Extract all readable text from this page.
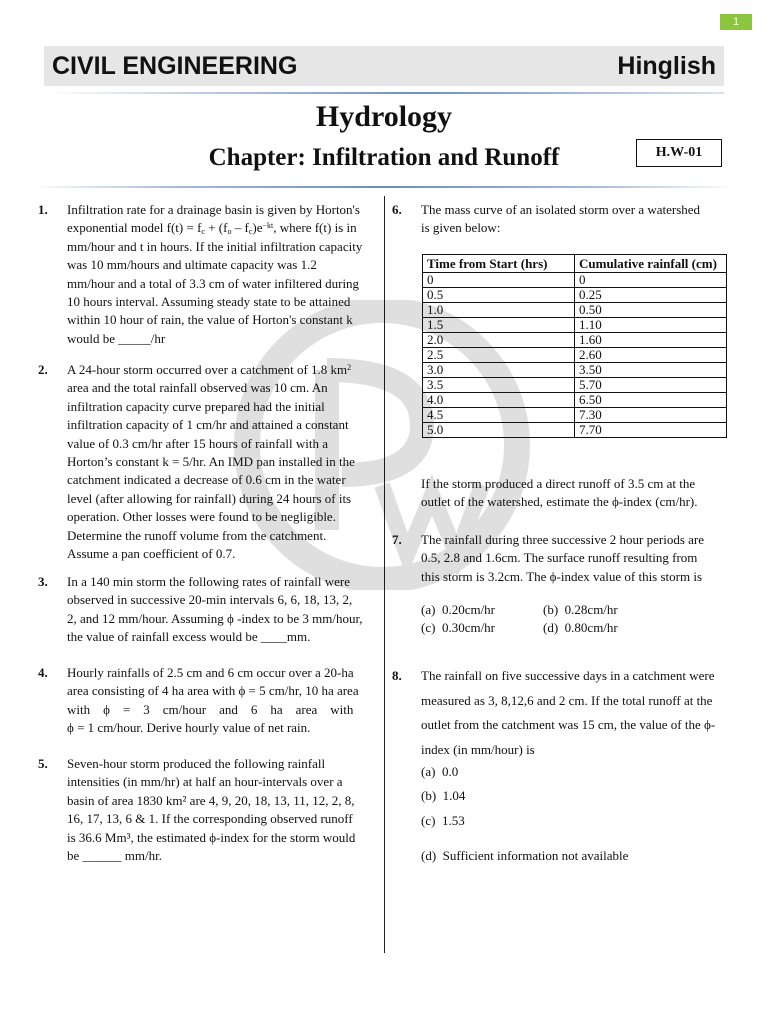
1
CIVIL ENGINEERING	Hinglish
Hydrology
Chapter: Infiltration and Runoff	H.W-01
1. Infiltration rate for a drainage basin is given by Horton's
exponential model $f(t) = f_c + (f_o - f_c)e^{-kt}$, where f(t) is in
mm/hour and t in hours. If the initial infiltration capacity
was 10 mm/hours and ultimate capacity was 1.2
mm/hour and a total of 3.3 cm of water infiltered during
10 hours interval. Assuming steady state to be attained
within 10 hour of rain, the value of Horton's constant k
would be _____/hr
2. A 24-hour storm occurred over a catchment of 1.8 $km^2$
area and the total rainfall observed was 10 cm. An
infiltration capacity curve prepared had the initial
infiltration capacity of 1 cm/hr and attained a constant
value of 0.3 cm/hr after 15 hours of rainfall with a
Horton’s constant k = 5/hr. An IMD pan installed in the
catchment indicated a decrease of 0.6 cm in the water
level (after allowing for rainfall) during 24 hours of its
operation. Other losses were found to be negligible.
Determine the runoff volume from the catchment.
Assume a pan coefficient of 0.7.
3. In a 140 min storm the following rates of rainfall were
observed in successive 20-min intervals 6, 6, 18, 13, 2,
2, and 12 mm/hour. Assuming ϕ -index to be 3 mm/hour,
the value of rainfall excess would be ____mm.
4. Hourly rainfalls of 2.5 cm and 6 cm occur over a 20-ha
area consisting of 4 ha area with ϕ = 5 cm/hr, 10 ha area
with    ϕ    =    3    cm/hour    and    6    ha    area    with
ϕ = 1 cm/hour. Derive hourly value of net rain.
5. Seven-hour storm produced the following rainfall
intensities (in mm/hr) at half an hour-intervals over a
basin of area 1830 km² are 4, 9, 20, 18, 13, 11, 12, 2, 8,
16, 17, 13, 6 & 1. If the corresponding observed runoff
is 36.6 Mm³, the estimated ϕ-index for the storm would
be ______ mm/hr.
6. The mass curve of an isolated storm over a watershed
is given below:
Time from Start (hrs)	Cumulative rainfall (cm)
0	0
0.5	0.25
1.0	0.50
1.5	1.10
2.0	1.60
2.5	2.60
3.0	3.50
3.5	5.70
4.0	6.50
4.5	7.30
5.0	7.70
If the storm produced a direct runoff of 3.5 cm at the
outlet of the watershed, estimate the ϕ-index (cm/hr).
7. The rainfall during three successive 2 hour periods are
0.5, 2.8 and 1.6cm. The surface runoff resulting from
this storm is 3.2cm. The ϕ-index value of this storm is
(a) 0.20cm/hr	(b) 0.28cm/hr
(c) 0.30cm/hr	(d) 0.80cm/hr
8. The rainfall on five successive days in a catchment were
measured as 3, 8,12,6 and 2 cm. If the total runoff at the
outlet from the catchment was 15 cm, the value of the ϕ-
index (in mm/hour) is
(a) 0.0
(b) 1.04
(c) 1.53
(d) Sufficient information not available
